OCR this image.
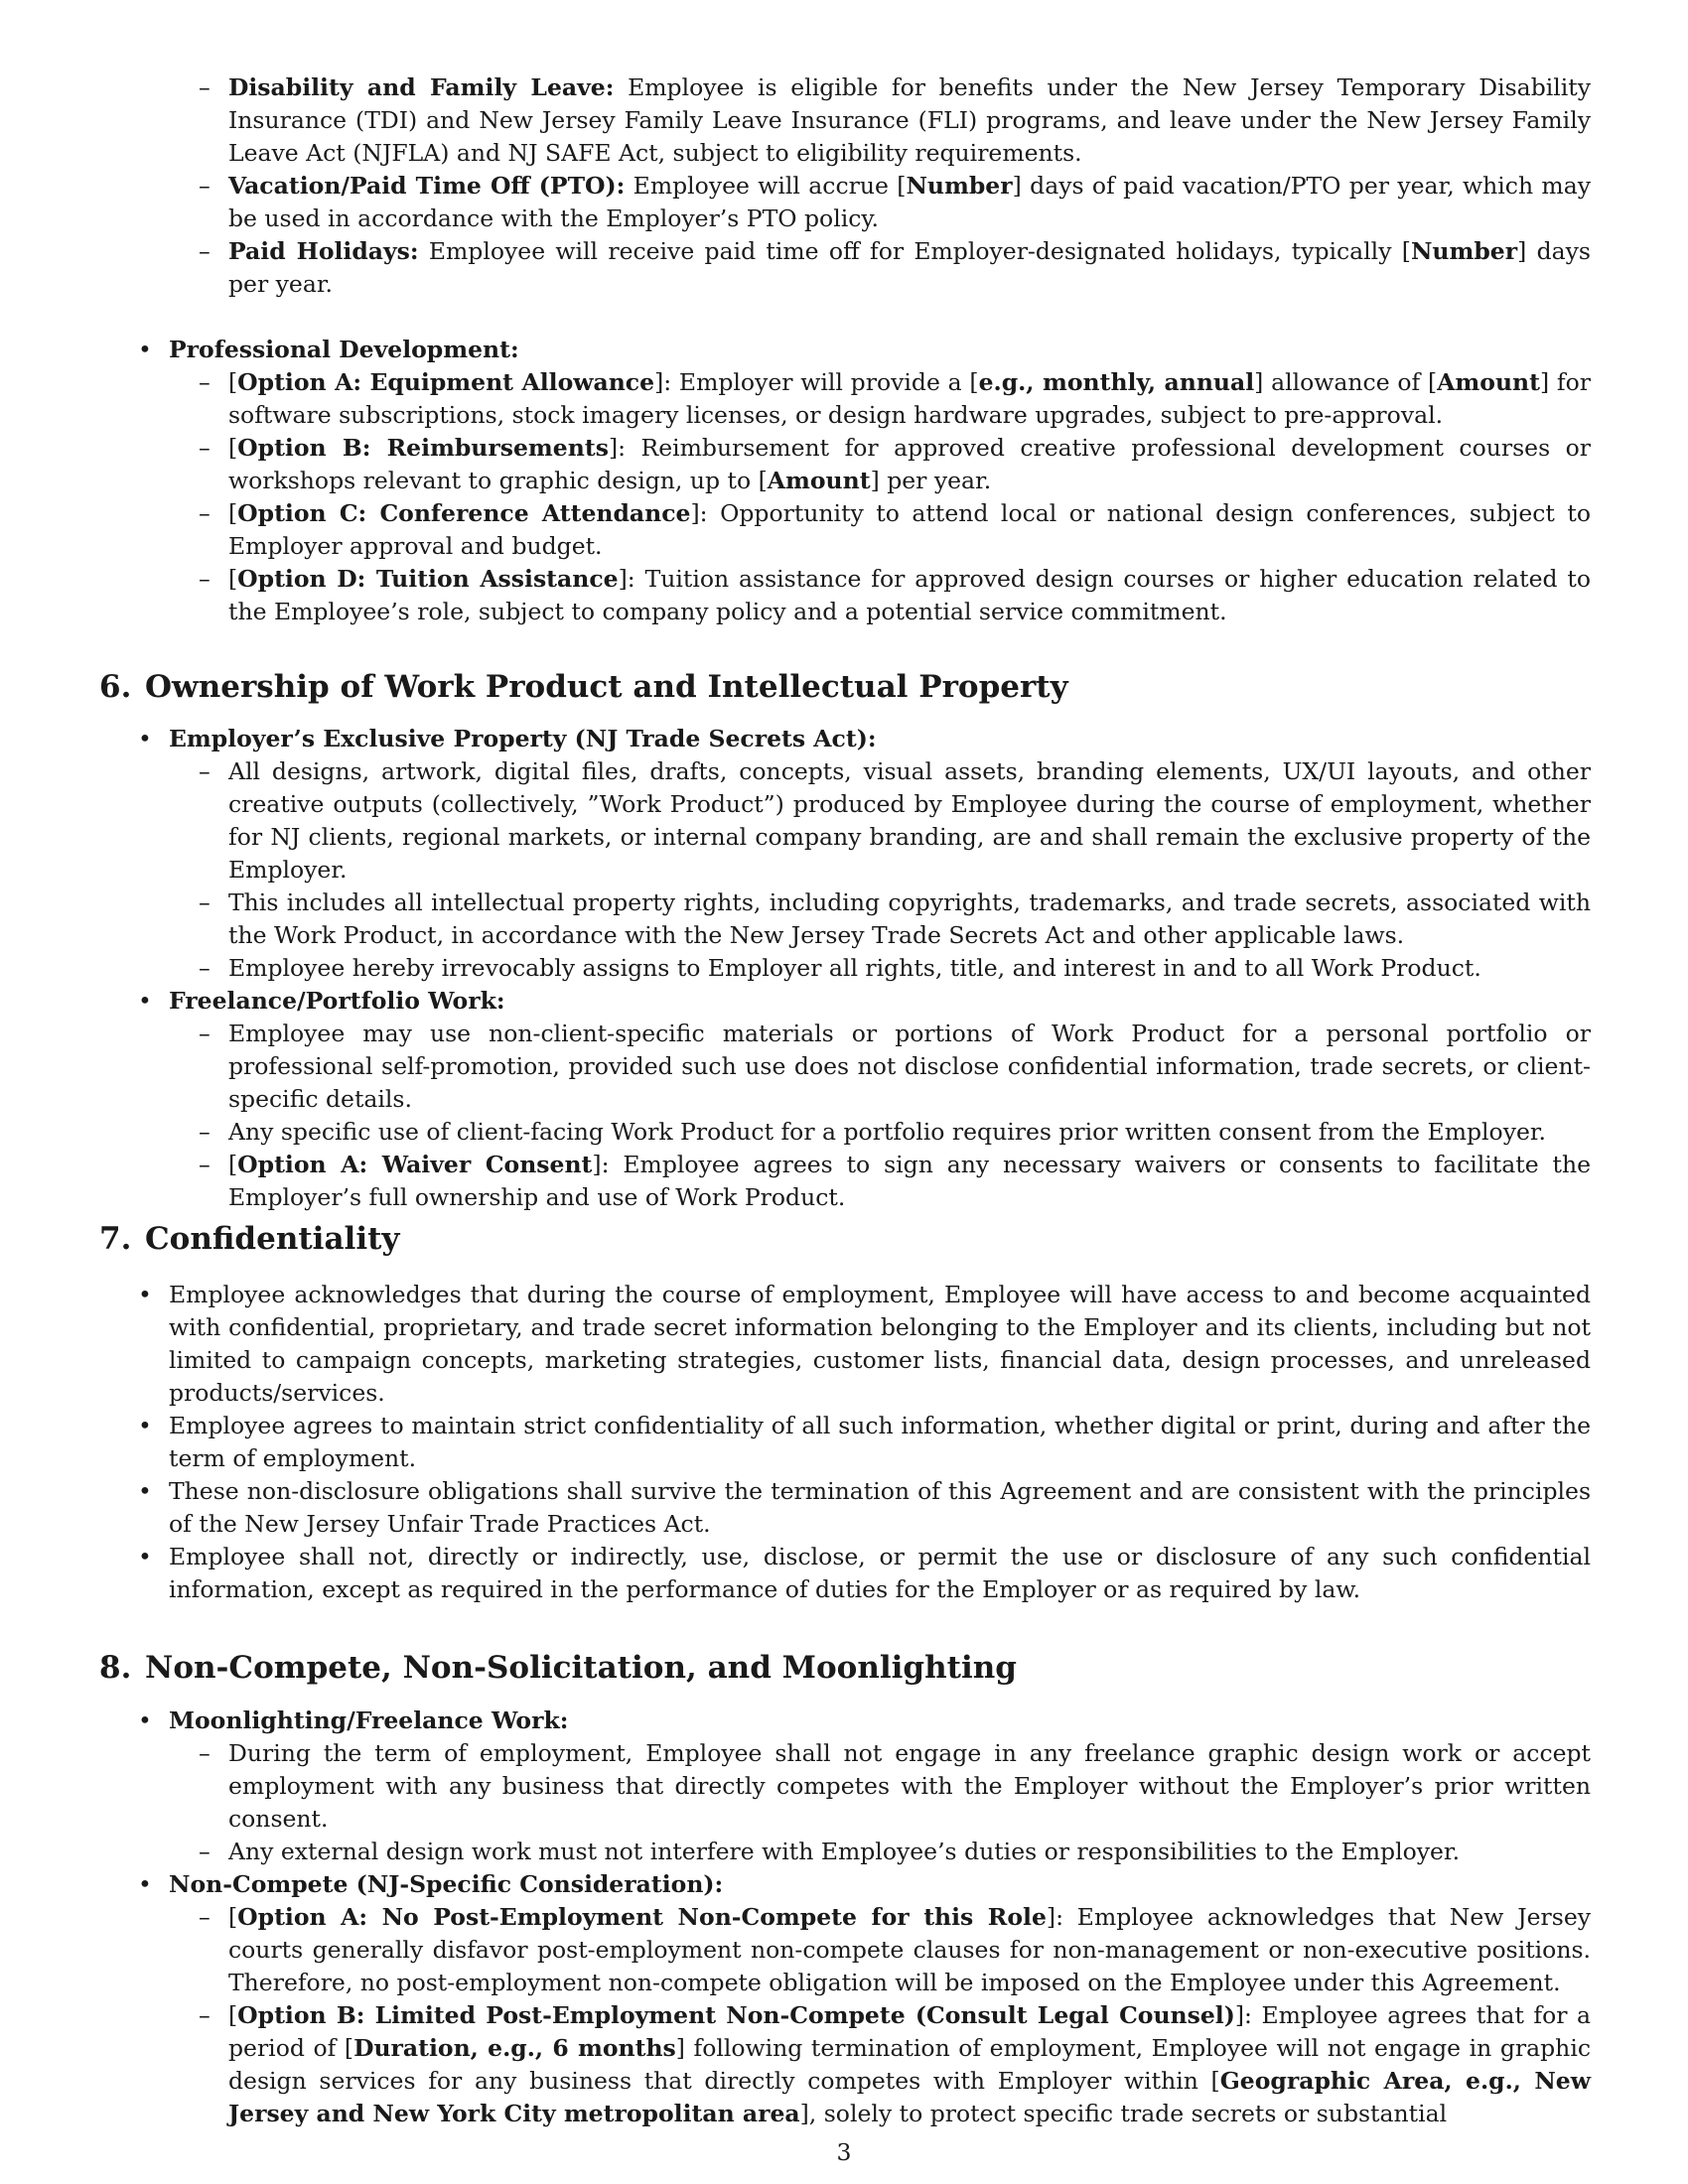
– Disability and Family Leave: Employee is eligible for benefits under the New Jersey Temporary Disability Insurance (TDI) and New Jersey Family Leave Insurance (FLI) programs, and leave under the New Jersey Family Leave Act (NJFLA) and NJ SAFE Act, subject to eligibility requirements.
– Vacation/Paid Time Off (PTO): Employee will accrue [Number] days of paid vacation/PTO per year, which may be used in accordance with the Employer’s PTO policy.
– Paid Holidays: Employee will receive paid time off for Employer-designated holidays, typically [Number] days per year.
• Professional Development:
– [Option A: Equipment Allowance]: Employer will provide a [e.g., monthly, annual] allowance of [Amount] for software subscriptions, stock imagery licenses, or design hardware upgrades, subject to pre-approval.
– [Option B: Reimbursements]: Reimbursement for approved creative professional development courses or workshops relevant to graphic design, up to [Amount] per year.
– [Option C: Conference Attendance]: Opportunity to attend local or national design conferences, subject to Employer approval and budget.
– [Option D: Tuition Assistance]: Tuition assistance for approved design courses or higher education related to the Employee’s role, subject to company policy and a potential service commitment.
6. Ownership of Work Product and Intellectual Property
• Employer’s Exclusive Property (NJ Trade Secrets Act):
– All designs, artwork, digital files, drafts, concepts, visual assets, branding elements, UX/UI layouts, and other creative outputs (collectively, ”Work Product”) produced by Employee during the course of employment, whether for NJ clients, regional markets, or internal company branding, are and shall remain the exclusive property of the Employer.
– This includes all intellectual property rights, including copyrights, trademarks, and trade secrets, associated with the Work Product, in accordance with the New Jersey Trade Secrets Act and other applicable laws.
– Employee hereby irrevocably assigns to Employer all rights, title, and interest in and to all Work Product.
• Freelance/Portfolio Work:
– Employee may use non-client-specific materials or portions of Work Product for a personal portfolio or professional self-promotion, provided such use does not disclose confidential information, trade secrets, or client-specific details.
– Any specific use of client-facing Work Product for a portfolio requires prior written consent from the Employer.
– [Option A: Waiver Consent]: Employee agrees to sign any necessary waivers or consents to facilitate the Employer’s full ownership and use of Work Product.
7. Confidentiality
• Employee acknowledges that during the course of employment, Employee will have access to and become acquainted with confidential, proprietary, and trade secret information belonging to the Employer and its clients, including but not limited to campaign concepts, marketing strategies, customer lists, financial data, design processes, and unreleased products/services.
• Employee agrees to maintain strict confidentiality of all such information, whether digital or print, during and after the term of employment.
• These non-disclosure obligations shall survive the termination of this Agreement and are consistent with the principles of the New Jersey Unfair Trade Practices Act.
• Employee shall not, directly or indirectly, use, disclose, or permit the use or disclosure of any such confidential information, except as required in the performance of duties for the Employer or as required by law.
8. Non-Compete, Non-Solicitation, and Moonlighting
• Moonlighting/Freelance Work:
– During the term of employment, Employee shall not engage in any freelance graphic design work or accept employment with any business that directly competes with the Employer without the Employer’s prior written consent.
– Any external design work must not interfere with Employee’s duties or responsibilities to the Employer.
• Non-Compete (NJ-Specific Consideration):
– [Option A: No Post-Employment Non-Compete for this Role]: Employee acknowledges that New Jersey courts generally disfavor post-employment non-compete clauses for non-management or non-executive positions. Therefore, no post-employment non-compete obligation will be imposed on the Employee under this Agreement.
– [Option B: Limited Post-Employment Non-Compete (Consult Legal Counsel)]: Employee agrees that for a period of [Duration, e.g., 6 months] following termination of employment, Employee will not engage in graphic design services for any business that directly competes with Employer within [Geographic Area, e.g., New Jersey and New York City metropolitan area], solely to protect specific trade secrets or substantial
3
